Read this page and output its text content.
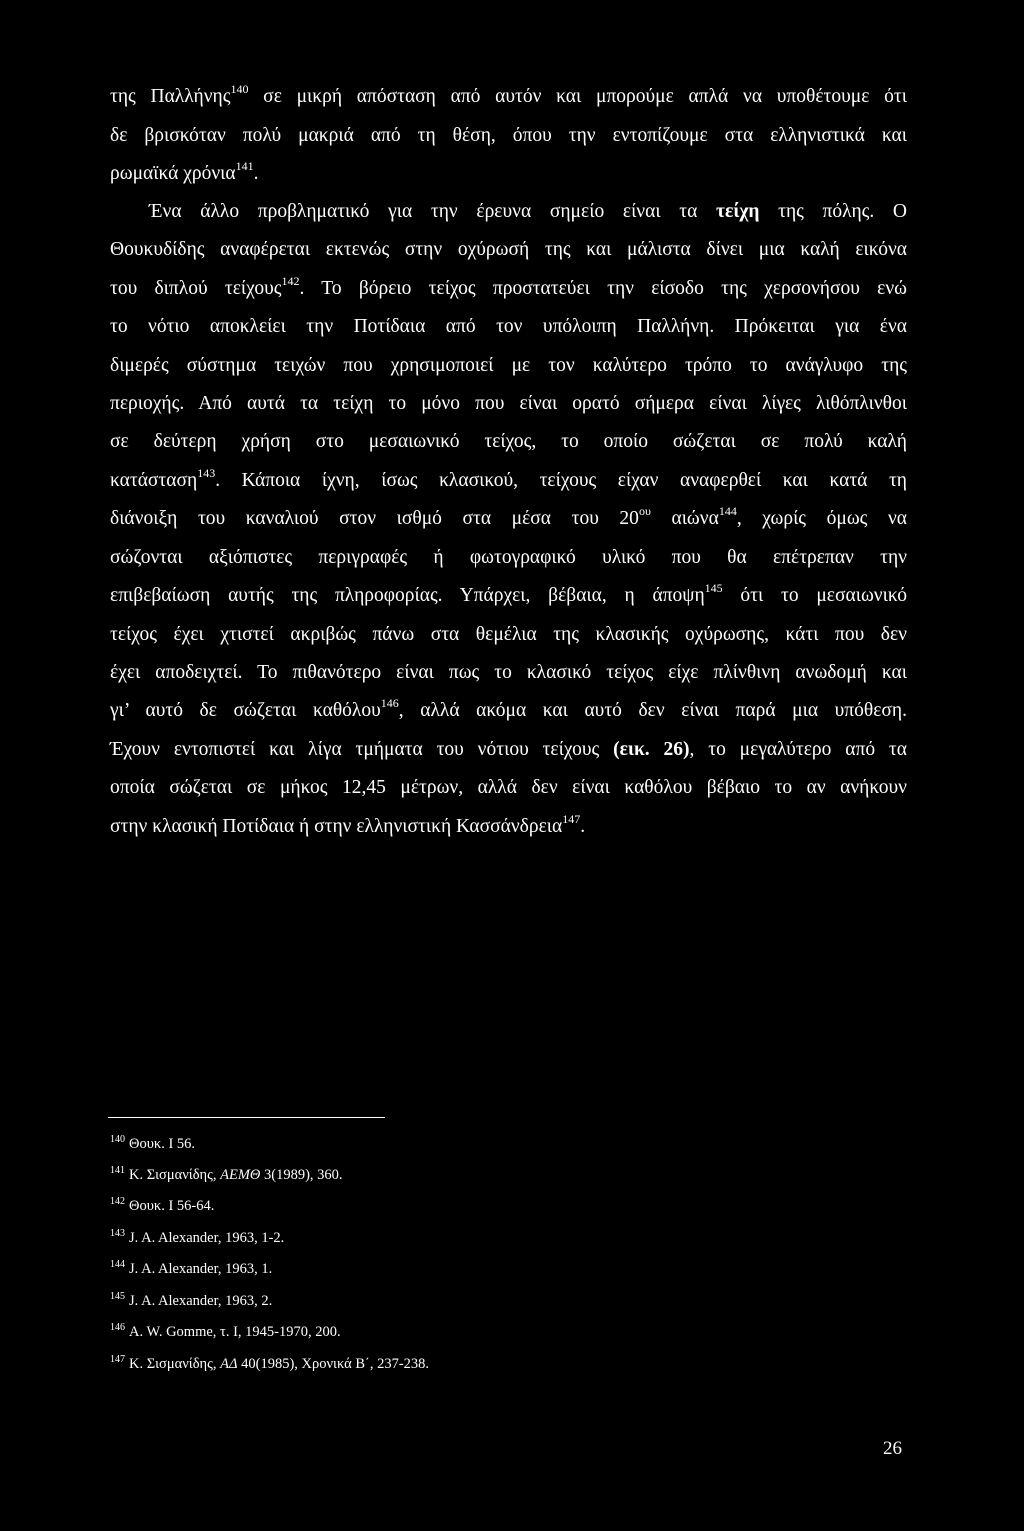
της Παλλήνης$^{140}$ σε μικρή απόσταση από αυτόν και μπορούμε απλά να υποθέτουμε ότι
δε βρισκόταν πολύ μακριά από τη θέση, όπου την εντοπίζουμε στα ελληνιστικά και
ρωμαϊκά χρόνια$^{141}$.
Ένα άλλο προβληματικό για την έρευνα σημείο είναι τα τείχη της πόλης. Ο
Θουκυδίδης αναφέρεται εκτενώς στην οχύρωσή της και μάλιστα δίνει μια καλή εικόνα
του διπλού τείχους$^{142}$. Το βόρειο τείχος προστατεύει την είσοδο της χερσονήσου ενώ
το νότιο αποκλείει την Ποτίδαια από τον υπόλοιπη Παλλήνη. Πρόκειται για ένα
διμερές σύστημα τειχών που χρησιμοποιεί με τον καλύτερο τρόπο το ανάγλυφο της
περιοχής. Από αυτά τα τείχη το μόνο που είναι ορατό σήμερα είναι λίγες λιθόπλινθοι
σε δεύτερη χρήση στο μεσαιωνικό τείχος, το οποίο σώζεται σε πολύ καλή
κατάσταση$^{143}$. Κάποια ίχνη, ίσως κλασικού, τείχους είχαν αναφερθεί και κατά τη
διάνοιξη του καναλιού στον ισθμό στα μέσα του $20^{o\upsilon}$ αιώνα$^{144}$, χωρίς όμως να
σώζονται αξιόπιστες περιγραφές ή φωτογραφικό υλικό που θα επέτρεπαν την
επιβεβαίωση αυτής της πληροφορίας. Υπάρχει, βέβαια, η άποψη$^{145}$ ότι το μεσαιωνικό
τείχος έχει χτιστεί ακριβώς πάνω στα θεμέλια της κλασικής οχύρωσης, κάτι που δεν
έχει αποδειχτεί. Το πιθανότερο είναι πως το κλασικό τείχος είχε πλίνθινη ανωδομή και
γι’ αυτό δε σώζεται καθόλου$^{146}$, αλλά ακόμα και αυτό δεν είναι παρά μια υπόθεση.
Έχουν εντοπιστεί και λίγα τμήματα του νότιου τείχους (εικ. 26), το μεγαλύτερο από τα
οποία σώζεται σε μήκος 12,45 μέτρων, αλλά δεν είναι καθόλου βέβαιο το αν ανήκουν
στην κλασική Ποτίδαια ή στην ελληνιστική Κασσάνδρεια$^{147}$.
$^{140}$ Θουκ. Ι 56.
$^{141}$ Κ. Σισμανίδης, ΑΕΜΘ 3(1989), 360.
$^{142}$ Θουκ. Ι 56-64.
$^{143}$ J. A. Alexander, 1963, 1-2.
$^{144}$ J. A. Alexander, 1963, 1.
$^{145}$ J. A. Alexander, 1963, 2.
$^{146}$ A. W. Gomme, τ. I, 1945-1970, 200.
$^{147}$ Κ. Σισμανίδης, ΑΔ 40(1985), Χρονικά Β΄, 237-238.
26
